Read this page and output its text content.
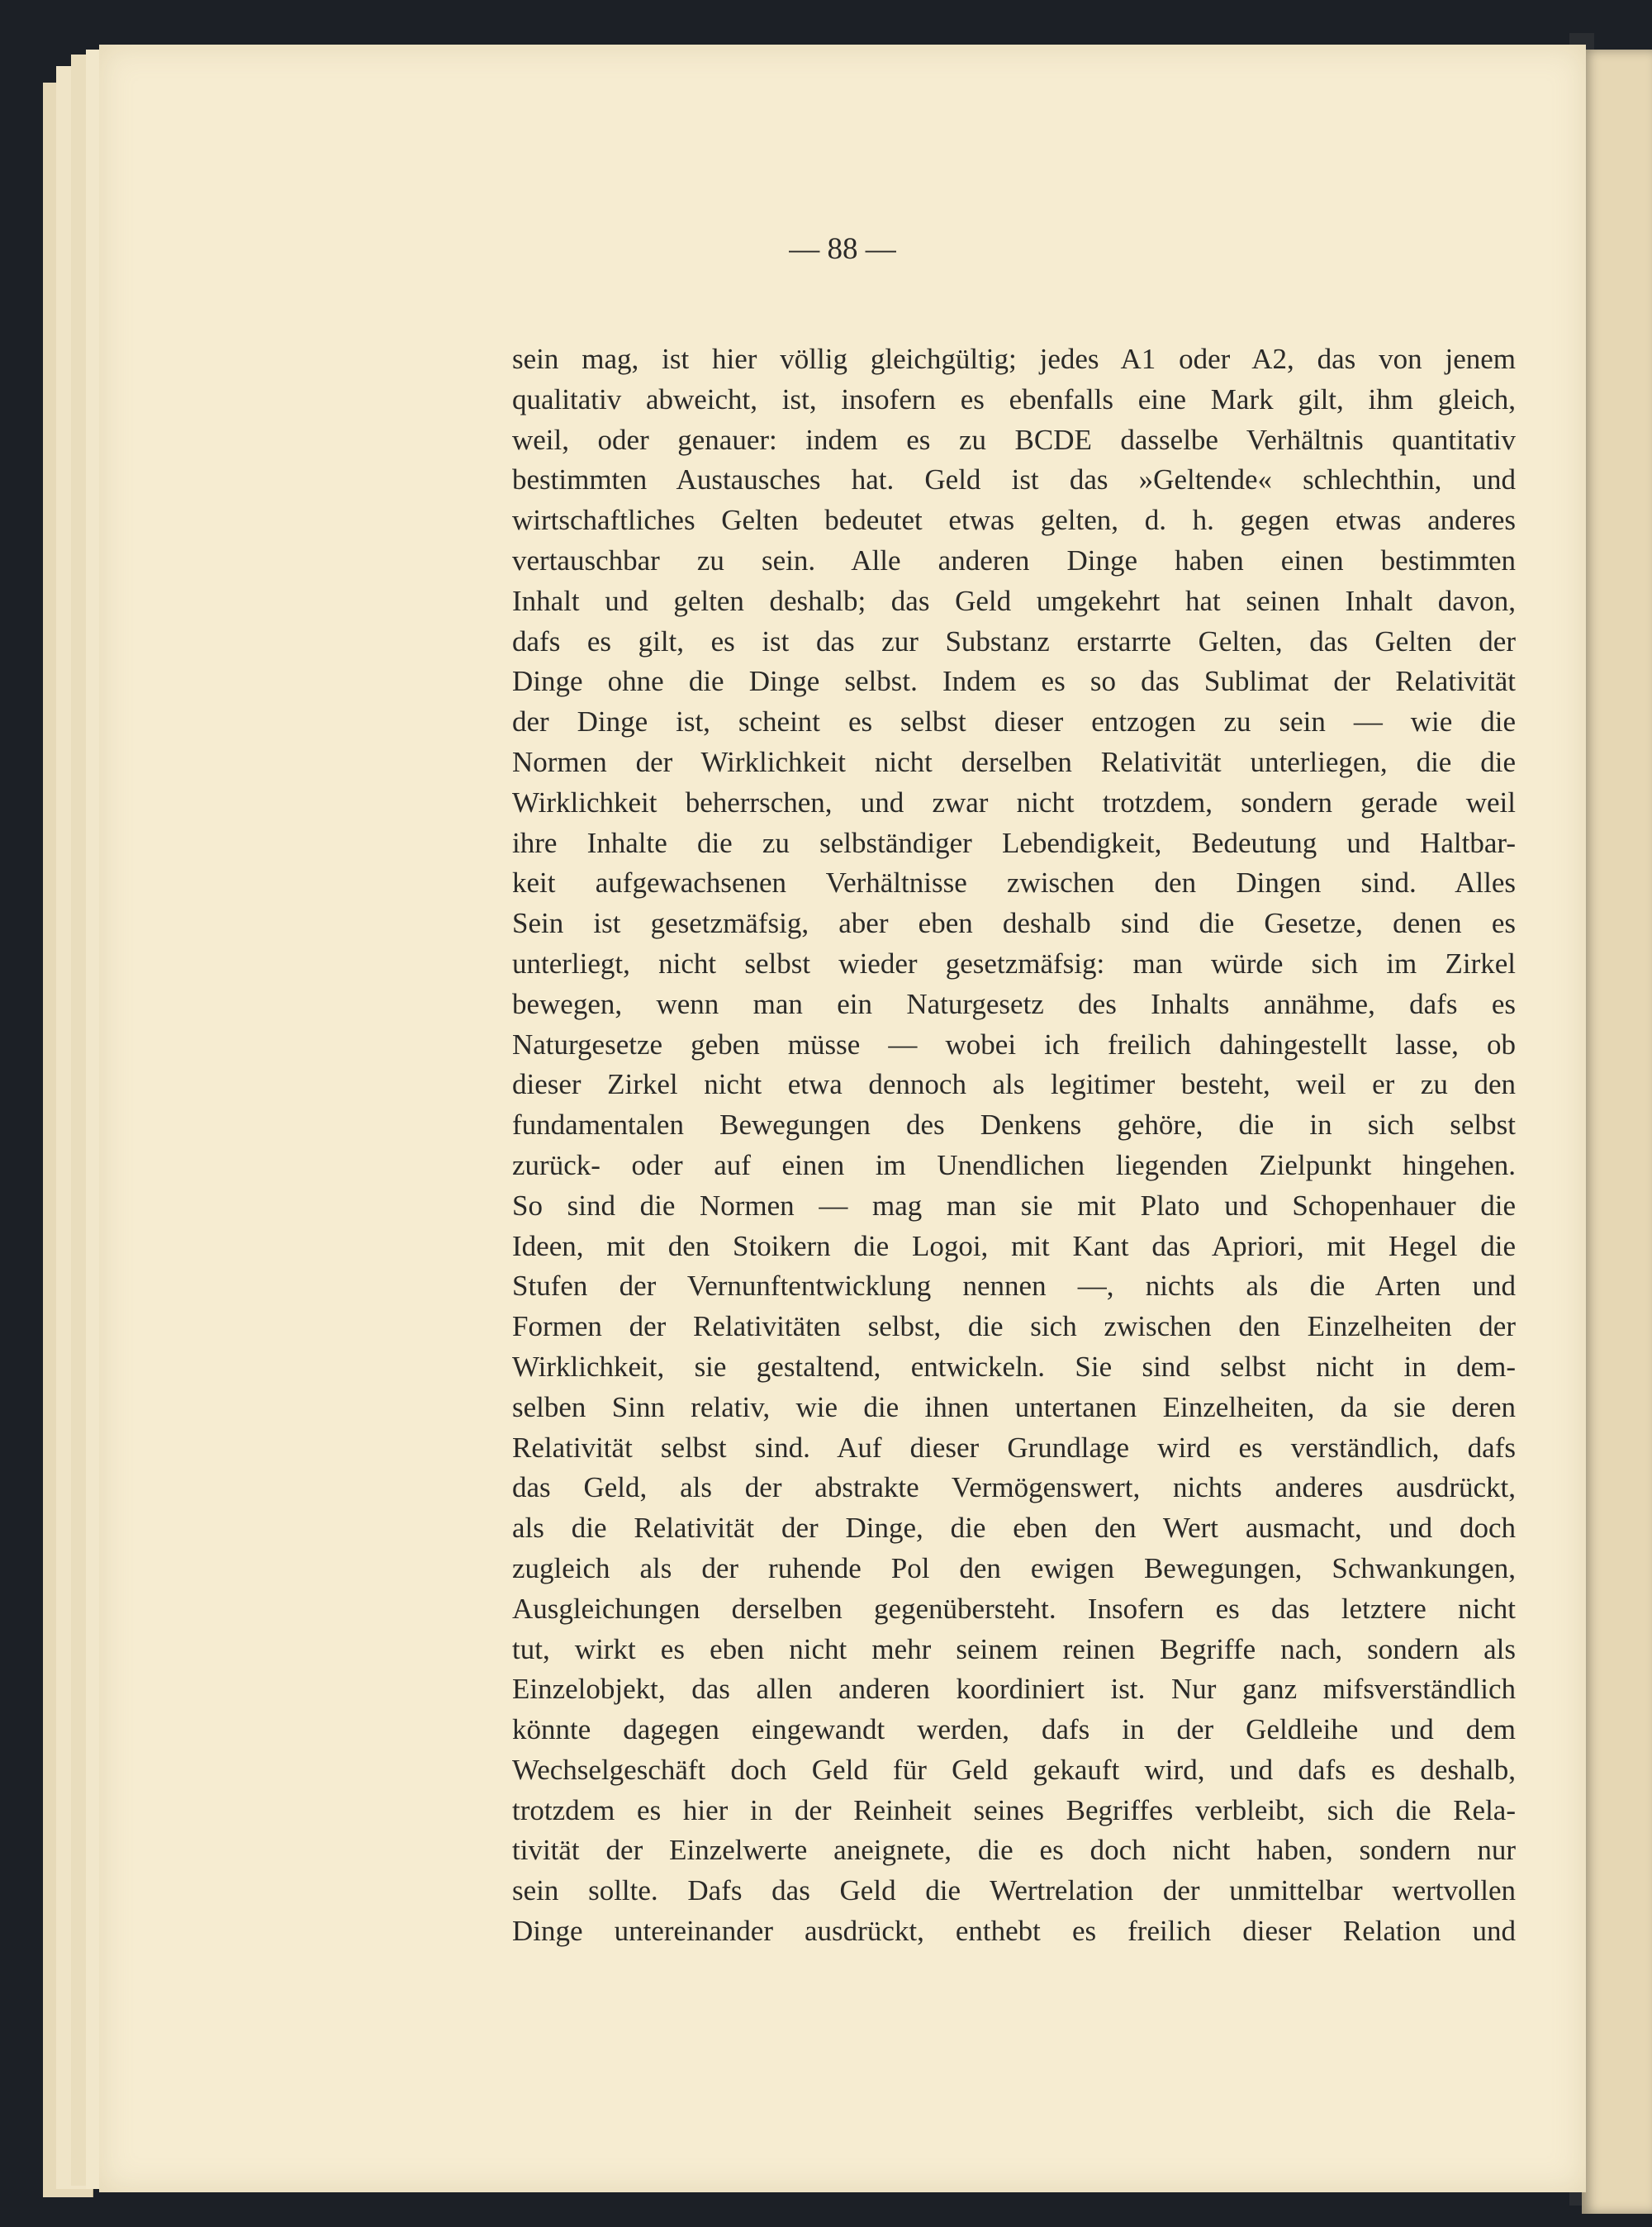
— 88 —

sein mag, ist hier völlig gleichgültig; jedes A1 oder A2, das von jenem
qualitativ abweicht, ist, insofern es ebenfalls eine Mark gilt, ihm gleich,
weil, oder genauer: indem es zu BCDE dasselbe Verhältnis quantitativ
bestimmten Austausches hat. Geld ist das »Geltende« schlechthin, und
wirtschaftliches Gelten bedeutet etwas gelten, d. h. gegen etwas anderes
vertauschbar zu sein. Alle anderen Dinge haben einen bestimmten
Inhalt und gelten deshalb; das Geld umgekehrt hat seinen Inhalt davon,
dafs es gilt, es ist das zur Substanz erstarrte Gelten, das Gelten der
Dinge ohne die Dinge selbst. Indem es so das Sublimat der Relativität
der Dinge ist, scheint es selbst dieser entzogen zu sein — wie die
Normen der Wirklichkeit nicht derselben Relativität unterliegen, die die
Wirklichkeit beherrschen, und zwar nicht trotzdem, sondern gerade weil
ihre Inhalte die zu selbständiger Lebendigkeit, Bedeutung und Haltbar-
keit aufgewachsenen Verhältnisse zwischen den Dingen sind. Alles
Sein ist gesetzmäfsig, aber eben deshalb sind die Gesetze, denen es
unterliegt, nicht selbst wieder gesetzmäfsig: man würde sich im Zirkel
bewegen, wenn man ein Naturgesetz des Inhalts annähme, dafs es
Naturgesetze geben müsse — wobei ich freilich dahingestellt lasse, ob
dieser Zirkel nicht etwa dennoch als legitimer besteht, weil er zu den
fundamentalen Bewegungen des Denkens gehöre, die in sich selbst
zurück- oder auf einen im Unendlichen liegenden Zielpunkt hingehen.
So sind die Normen — mag man sie mit Plato und Schopenhauer die
Ideen, mit den Stoikern die Logoi, mit Kant das Apriori, mit Hegel die
Stufen der Vernunftentwicklung nennen —, nichts als die Arten und
Formen der Relativitäten selbst, die sich zwischen den Einzelheiten der
Wirklichkeit, sie gestaltend, entwickeln. Sie sind selbst nicht in dem-
selben Sinn relativ, wie die ihnen untertanen Einzelheiten, da sie deren
Relativität selbst sind. Auf dieser Grundlage wird es verständlich, dafs
das Geld, als der abstrakte Vermögenswert, nichts anderes ausdrückt,
als die Relativität der Dinge, die eben den Wert ausmacht, und doch
zugleich als der ruhende Pol den ewigen Bewegungen, Schwankungen,
Ausgleichungen derselben gegenübersteht. Insofern es das letztere nicht
tut, wirkt es eben nicht mehr seinem reinen Begriffe nach, sondern als
Einzelobjekt, das allen anderen koordiniert ist. Nur ganz mifsverständlich
könnte dagegen eingewandt werden, dafs in der Geldleihe und dem
Wechselgeschäft doch Geld für Geld gekauft wird, und dafs es deshalb,
trotzdem es hier in der Reinheit seines Begriffes verbleibt, sich die Rela-
tivität der Einzelwerte aneignete, die es doch nicht haben, sondern nur
sein sollte. Dafs das Geld die Wertrelation der unmittelbar wertvollen
Dinge untereinander ausdrückt, enthebt es freilich dieser Relation und
